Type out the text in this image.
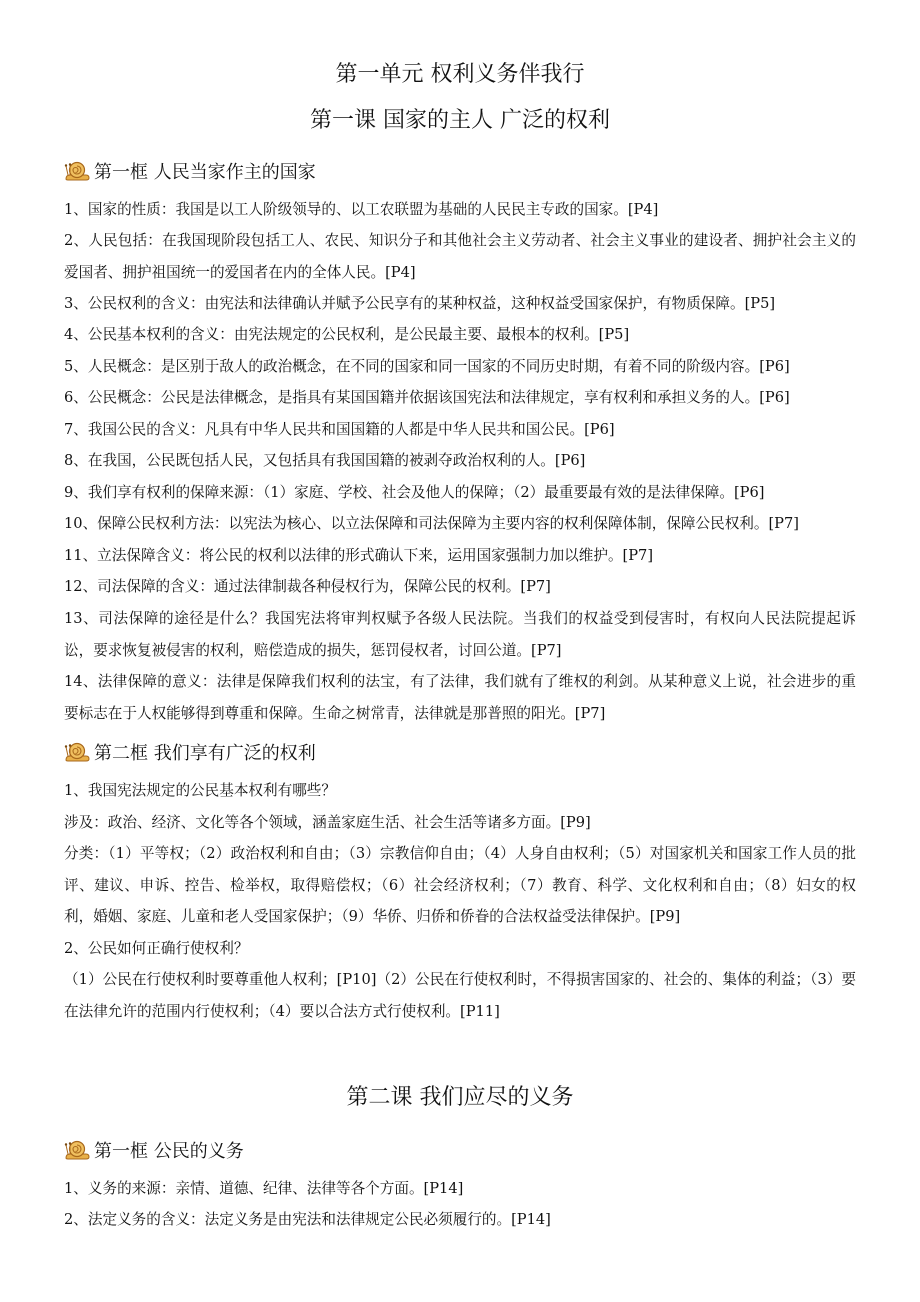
第一单元 权利义务伴我行
第一课 国家的主人 广泛的权利
第一框 人民当家作主的国家
1、国家的性质：我国是以工人阶级领导的、以工农联盟为基础的人民民主专政的国家。[P4]
2、人民包括：在我国现阶段包括工人、农民、知识分子和其他社会主义劳动者、社会主义事业的建设者、拥护社会主义的爱国者、拥护祖国统一的爱国者在内的全体人民。[P4]
3、公民权利的含义：由宪法和法律确认并赋予公民享有的某种权益，这种权益受国家保护，有物质保障。[P5]
4、公民基本权利的含义：由宪法规定的公民权利，是公民最主要、最根本的权利。[P5]
5、人民概念：是区别于敌人的政治概念，在不同的国家和同一国家的不同历史时期，有着不同的阶级内容。[P6]
6、公民概念：公民是法律概念，是指具有某国国籍并依据该国宪法和法律规定，享有权利和承担义务的人。[P6]
7、我国公民的含义：凡具有中华人民共和国国籍的人都是中华人民共和国公民。[P6]
8、在我国，公民既包括人民，又包括具有我国国籍的被剥夺政治权利的人。[P6]
9、我们享有权利的保障来源：（1）家庭、学校、社会及他人的保障；（2）最重要最有效的是法律保障。[P6]
10、保障公民权利方法：以宪法为核心、以立法保障和司法保障为主要内容的权利保障体制，保障公民权利。[P7]
11、立法保障含义：将公民的权利以法律的形式确认下来，运用国家强制力加以维护。[P7]
12、司法保障的含义：通过法律制裁各种侵权行为，保障公民的权利。[P7]
13、司法保障的途径是什么？我国宪法将审判权赋予各级人民法院。当我们的权益受到侵害时，有权向人民法院提起诉讼，要求恢复被侵害的权利，赔偿造成的损失，惩罚侵权者，讨回公道。[P7]
14、法律保障的意义：法律是保障我们权利的法宝，有了法律，我们就有了维权的利剑。从某种意义上说，社会进步的重要标志在于人权能够得到尊重和保障。生命之树常青，法律就是那普照的阳光。[P7]
第二框 我们享有广泛的权利
1、我国宪法规定的公民基本权利有哪些？
涉及：政治、经济、文化等各个领域，涵盖家庭生活、社会生活等诸多方面。[P9]
分类：（1）平等权；（2）政治权利和自由；（3）宗教信仰自由；（4）人身自由权利；（5）对国家机关和国家工作人员的批评、建议、申诉、控告、检举权，取得赔偿权；（6）社会经济权利；（7）教育、科学、文化权利和自由；（8）妇女的权利，婚姻、家庭、儿童和老人受国家保护；（9）华侨、归侨和侨眷的合法权益受法律保护。[P9]
2、公民如何正确行使权利？
（1）公民在行使权利时要尊重他人权利；[P10]（2）公民在行使权利时，不得损害国家的、社会的、集体的利益；（3）要在法律允许的范围内行使权利；（4）要以合法方式行使权利。[P11]
第二课 我们应尽的义务
第一框 公民的义务
1、义务的来源：亲情、道德、纪律、法律等各个方面。[P14]
2、法定义务的含义：法定义务是由宪法和法律规定公民必须履行的。[P14]
